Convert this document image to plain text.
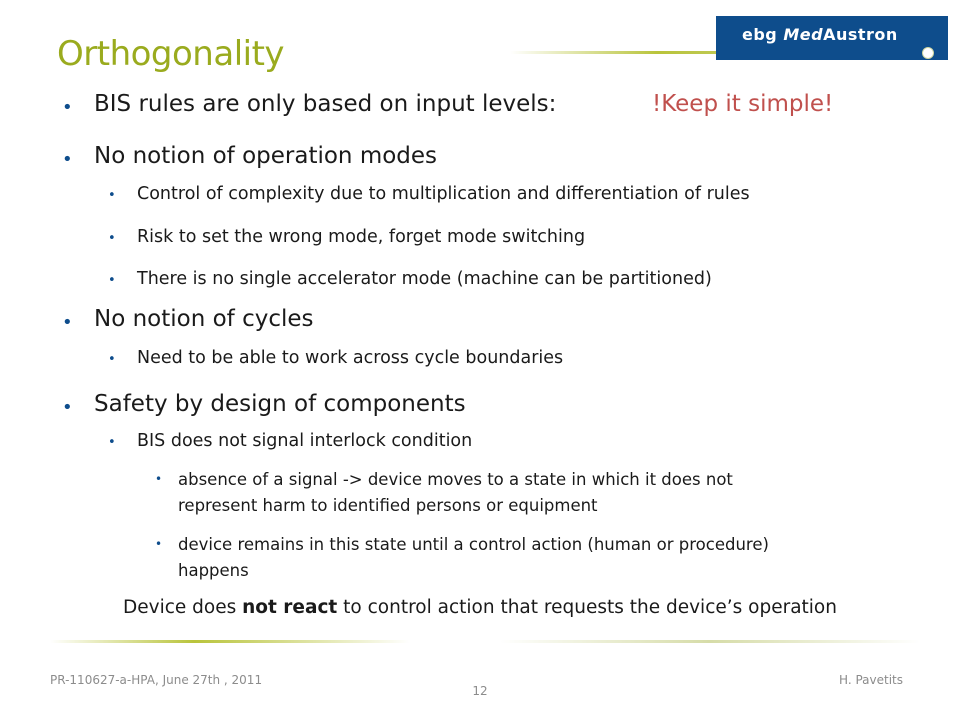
Orthogonality	ebg MedAustron
• BIS rules are only based on input levels:	!Keep it simple!
• No notion of operation modes
• Control of complexity due to multiplication and differentiation of rules
• Risk to set the wrong mode, forget mode switching
• There is no single accelerator mode (machine can be partitioned)
• No notion of cycles
• Need to be able to work across cycle boundaries
• Safety by design of components
• BIS does not signal interlock condition
• absence of a signal -> device moves to a state in which it does not
represent harm to identified persons or equipment
• device remains in this state until a control action (human or procedure)
happens
Device does not react to control action that requests the device’s operation
PR-110627-a-HPA, June 27th , 2011	H. Pavetits
12
